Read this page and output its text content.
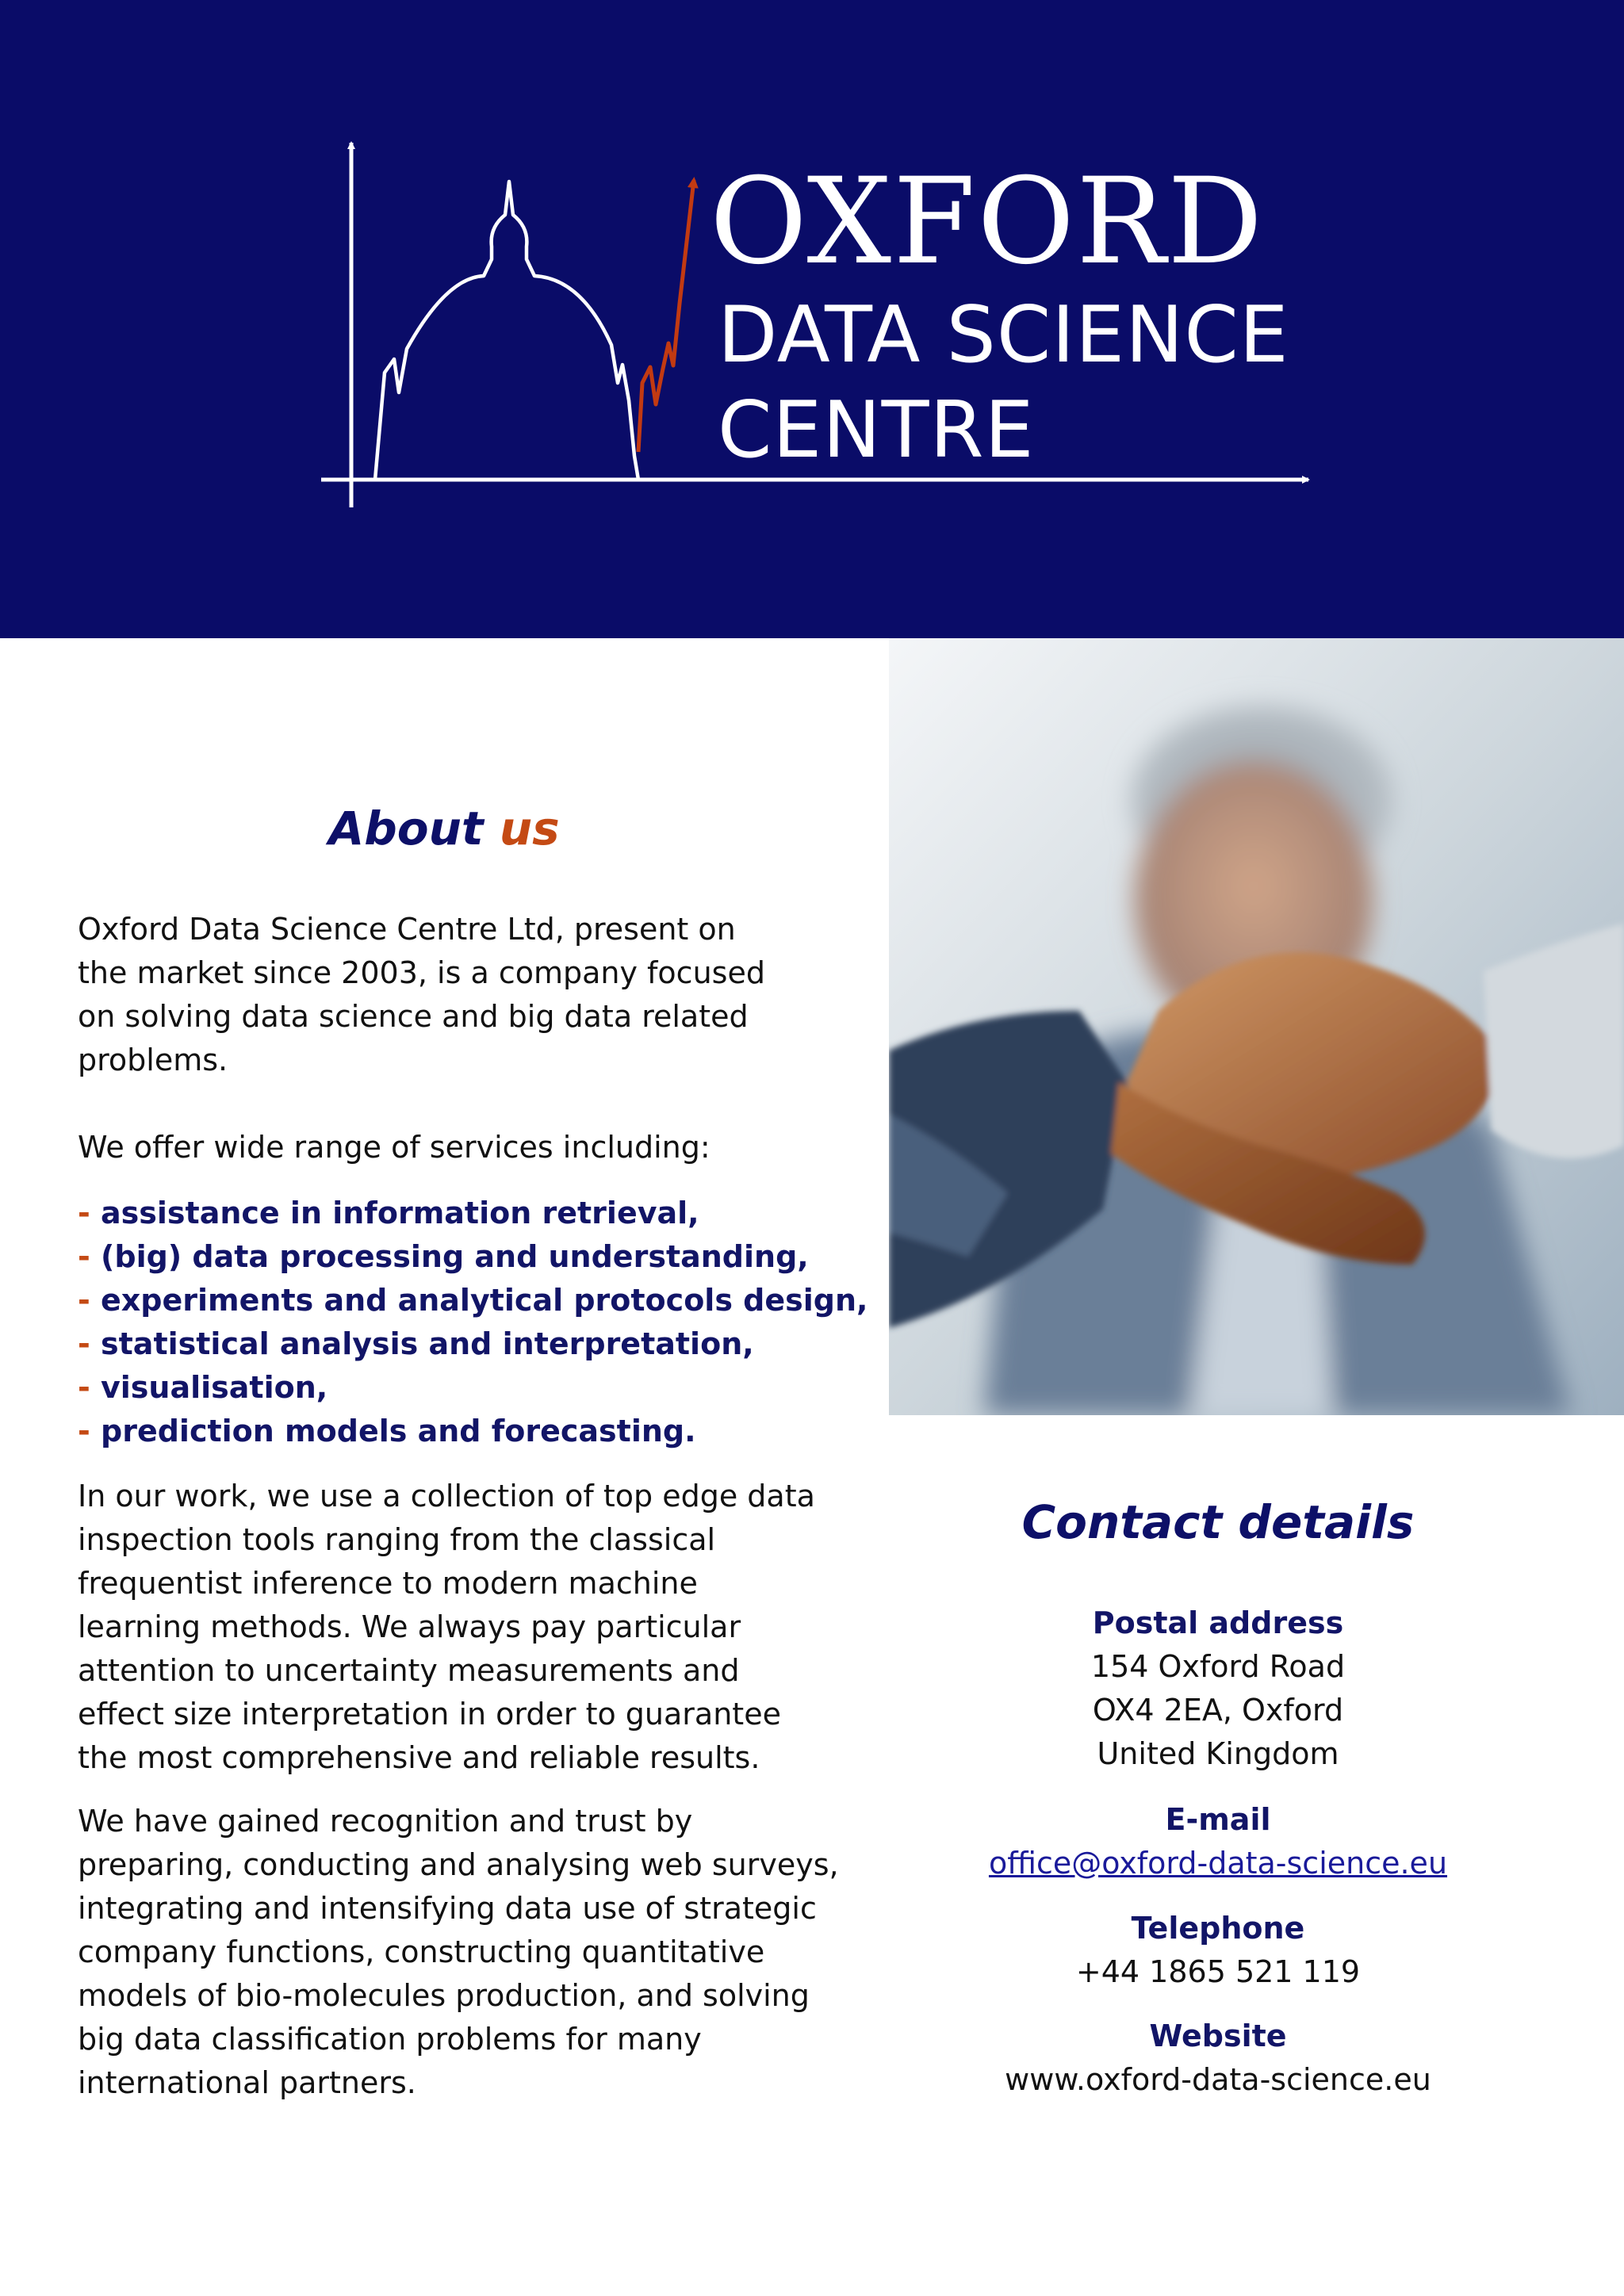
OXFORD
DATA SCIENCE
CENTRE
About us
Oxford Data Science Centre Ltd, present on
the market since 2003, is a company focused on solving data science and big data related problems.

We offer wide range of services including:

- assistance in information retrieval,
- (big) data processing and understanding,
- experiments and analytical protocols design,
- statistical analysis and interpretation,
- visualisation,
- prediction models and forecasting.

In our work, we use a collection of top edge data inspection tools ranging from the classical frequentist inference to modern machine learning methods. We always pay particular attention to uncertainty measurements and effect size interpretation in order to guarantee the most comprehensive and reliable results.

We have gained recognition and trust by preparing, conducting and analysing web surveys, integrating and intensifying data use of strategic company functions, constructing quantitative models of bio-molecules production, and solving big data classification problems for many international partners.

Contact details
Postal address
154 Oxford Road
OX4 2EA, Oxford
United Kingdom
E-mail
office@oxford-data-science.eu
Telephone
+44 1865 521 119
Website
www.oxford-data-science.eu
